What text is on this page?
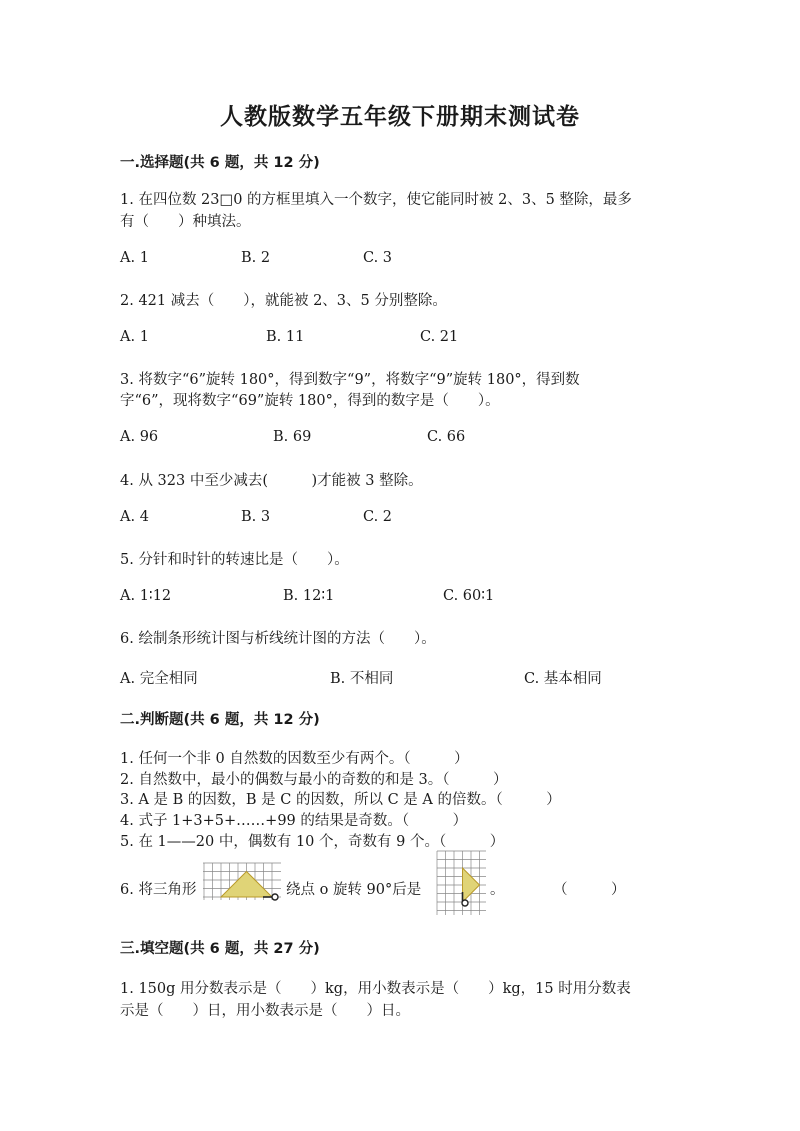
人教版数学五年级下册期末测试卷
一.选择题(共 6 题，共 12 分)
1. 在四位数 23□0 的方框里填入一个数字，使它能同时被 2、3、5 整除，最多
有（　　）种填法。
A. 1	B. 2	C. 3
2. 421 减去（　　），就能被 2、3、5 分别整除。
A. 1	B. 11	C. 21
3. 将数字“6”旋转 180°，得到数字“9”，将数字“9”旋转 180°，得到数
字“6”，现将数字“69”旋转 180°，得到的数字是（　　）。
A. 96	B. 69	C. 66
4. 从 323 中至少减去(　　　)才能被 3 整除。
A. 4	B. 3	C. 2
5. 分针和时针的转速比是（　　）。
A. 1∶12	B. 12∶1	C. 60∶1
6. 绘制条形统计图与析线统计图的方法（　　）。
A. 完全相同	B. 不相同	C. 基本相同
二.判断题(共 6 题，共 12 分)
1. 任何一个非 0 自然数的因数至少有两个。（　　　）
2. 自然数中，最小的偶数与最小的奇数的和是 3。（　　　）
3. A 是 B 的因数，B 是 C 的因数，所以 C 是 A 的倍数。（　　　）
4. 式子 1+3+5+……+99 的结果是奇数。（　　　）
5. 在 1——20 中，偶数有 10 个，奇数有 9 个。（　　　）
6. 将三角形	绕点 o 旋转 90°后是	。	（　　　）
三.填空题(共 6 题，共 27 分)
1. 150g 用分数表示是（　　）kg，用小数表示是（　　）kg，15 时用分数表
示是（　　）日，用小数表示是（　　）日。
